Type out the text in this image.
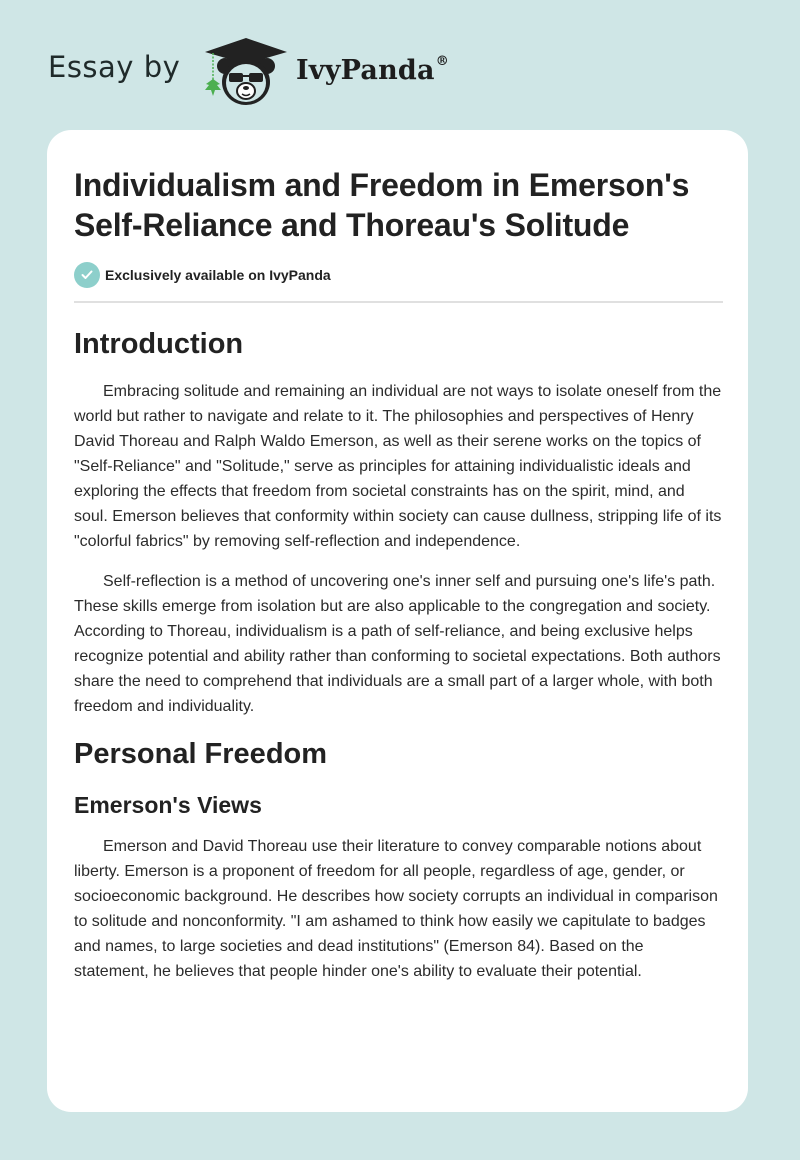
Essay by	IvyPanda®
Individualism and Freedom in Emerson's Self-Reliance and Thoreau's Solitude
Exclusively available on IvyPanda
Introduction

Embracing solitude and remaining an individual are not ways to isolate oneself from the world but rather to navigate and relate to it. The philosophies and perspectives of Henry David Thoreau and Ralph Waldo Emerson, as well as their serene works on the topics of "Self-Reliance" and "Solitude," serve as principles for attaining individualistic ideals and exploring the effects that freedom from societal constraints has on the spirit, mind, and soul. Emerson believes that conformity within society can cause dullness, stripping life of its "colorful fabrics" by removing self-reflection and independence.

Self-reflection is a method of uncovering one's inner self and pursuing one's life's path. These skills emerge from isolation but are also applicable to the congregation and society. According to Thoreau, individualism is a path of self-reliance, and being exclusive helps recognize potential and ability rather than conforming to societal expectations. Both authors share the need to comprehend that individuals are a small part of a larger whole, with both freedom and individuality.

Personal Freedom
Emerson's Views

Emerson and David Thoreau use their literature to convey comparable notions about liberty. Emerson is a proponent of freedom for all people, regardless of age, gender, or socioeconomic background. He describes how society corrupts an individual in comparison to solitude and nonconformity. "I am ashamed to think how easily we capitulate to badges and names, to large societies and dead institutions" (Emerson 84). Based on the statement, he believes that people hinder one's ability to evaluate their potential.
